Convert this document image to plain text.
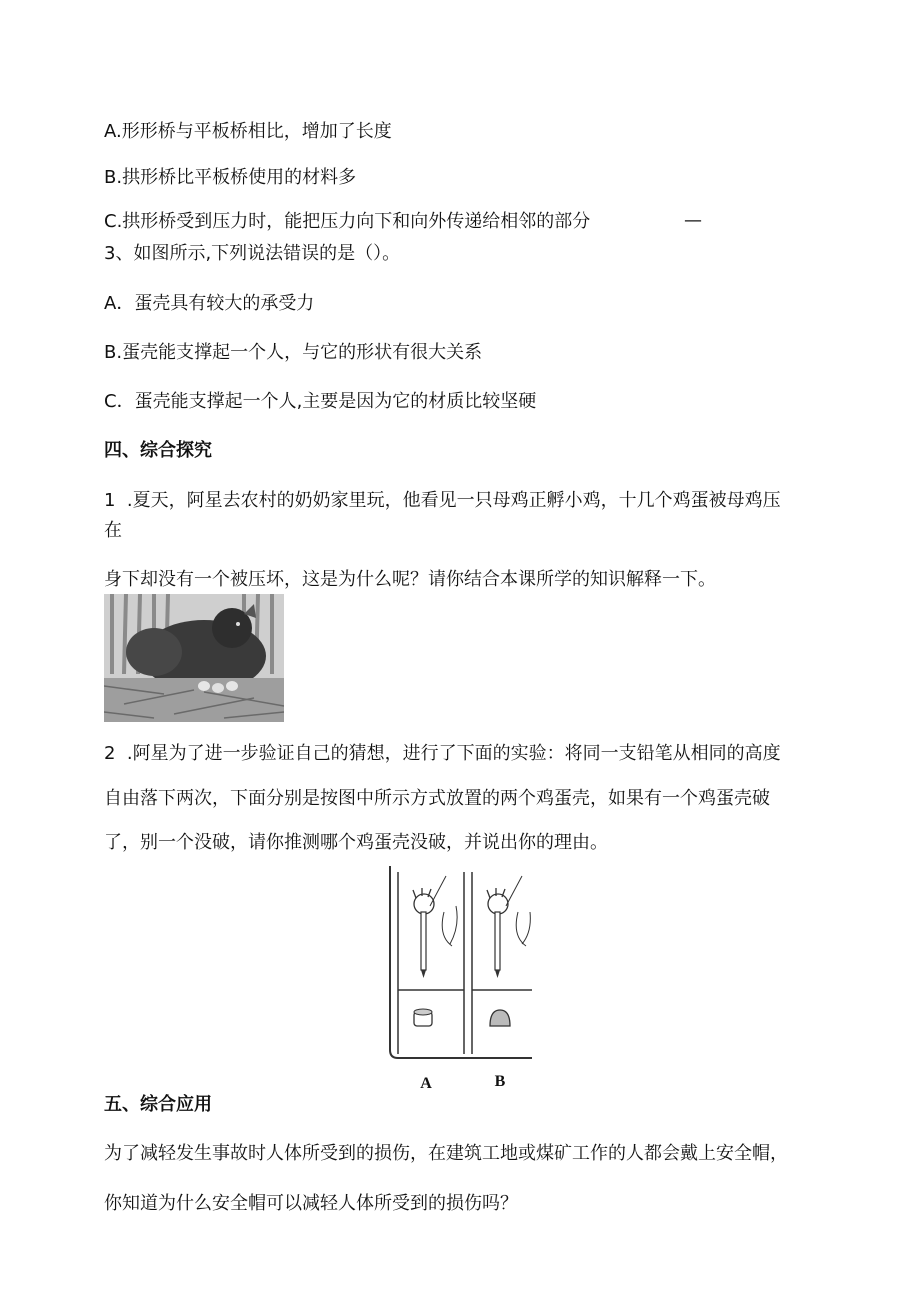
A.形形桥与平板桥相比，增加了长度
B.拱形桥比平板桥使用的材料多
C.拱形桥受到压力时，能把压力向下和向外传递给相邻的部分	—
3、如图所示,下列说法错误的是（）。
A．蛋壳具有较大的承受力
B.蛋壳能支撑起一个人，与它的形状有很大关系
C．蛋壳能支撑起一个人,主要是因为它的材质比较坚硬
四、综合探究
1  .夏天，阿星去农村的奶奶家里玩，他看见一只母鸡正孵小鸡，十几个鸡蛋被母鸡压
在
身下却没有一个被压坏，这是为什么呢？请你结合本课所学的知识解释一下。
2  .阿星为了进一步验证自己的猜想，进行了下面的实验：将同一支铅笔从相同的高度
自由落下两次，下面分别是按图中所示方式放置的两个鸡蛋壳，如果有一个鸡蛋壳破
了，别一个没破，请你推测哪个鸡蛋壳没破，并说出你的理由。
A	B
五、综合应用
为了减轻发生事故时人体所受到的损伤，在建筑工地或煤矿工作的人都会戴上安全帽，
你知道为什么安全帽可以减轻人体所受到的损伤吗？
